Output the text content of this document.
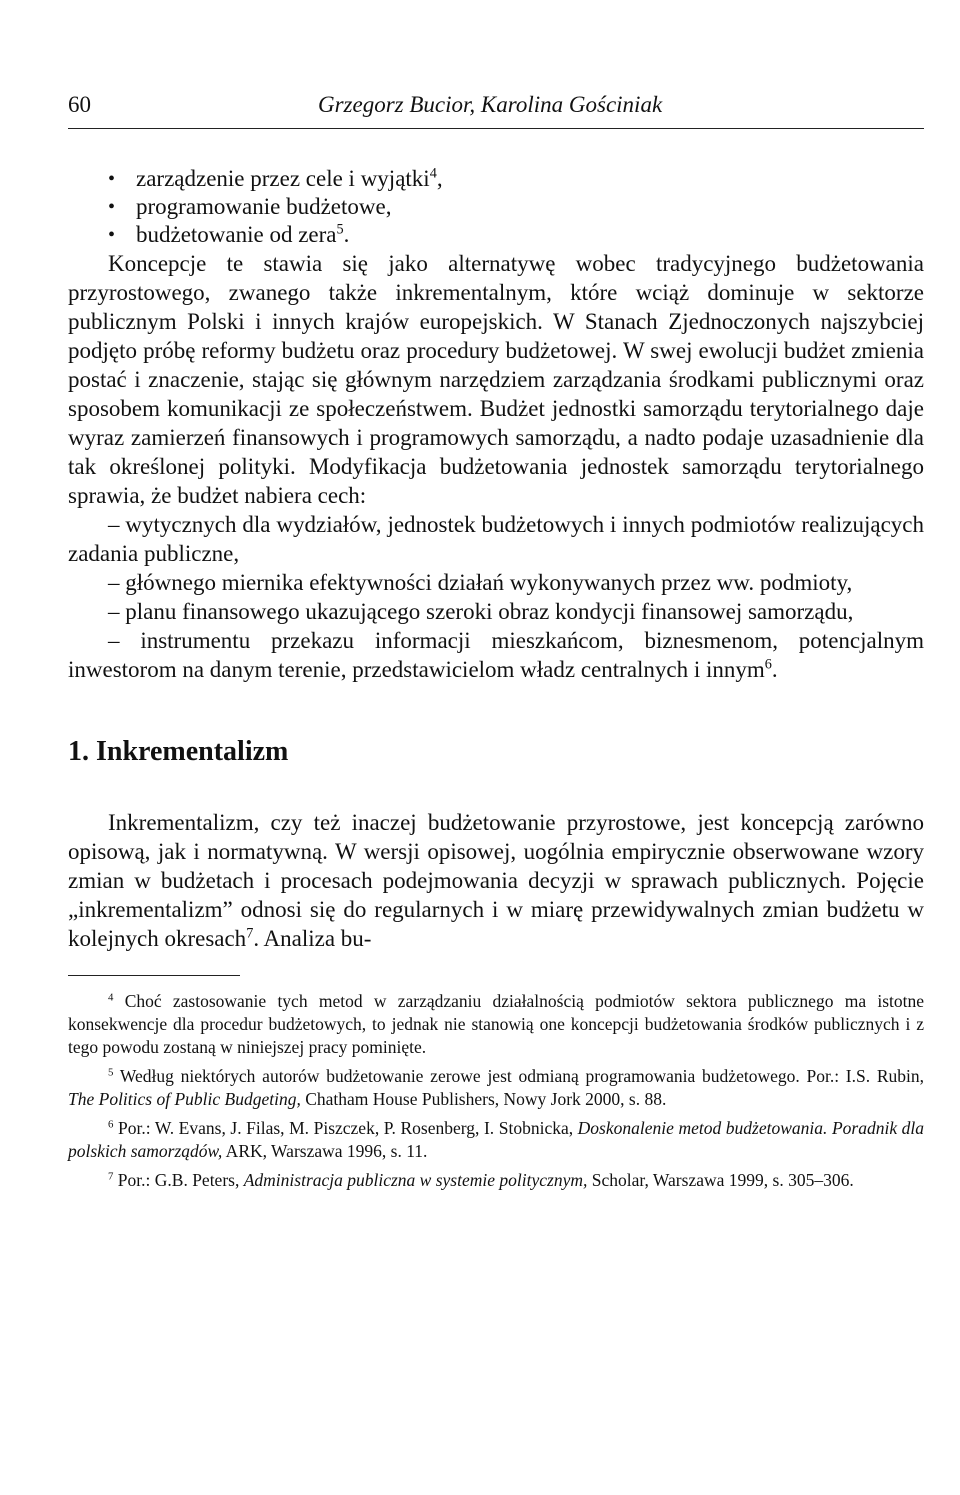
60	Grzegorz Bucior, Karolina Gościniak
• zarządzenie przez cele i wyjątki$^4$,
• programowanie budżetowe,
• budżetowanie od zera$^5$.

Koncepcje te stawia się jako alternatywę wobec tradycyjnego budżetowania przyrostowego, zwanego także inkrementalnym, które wciąż dominuje w sektorze publicznym Polski i innych krajów europejskich. W Stanach Zjednoczonych najszybciej podjęto próbę reformy budżetu oraz procedury budżetowej. W swej ewolucji budżet zmienia postać i znaczenie, stając się głównym narzędziem zarządzania środkami publicznymi oraz sposobem komunikacji ze społeczeństwem. Budżet jednostki samorządu terytorialnego daje wyraz zamierzeń finansowych i programowych samorządu, a nadto podaje uzasadnienie dla tak określonej polityki. Modyfikacja budżetowania jednostek samorządu terytorialnego sprawia, że budżet nabiera cech:

– wytycznych dla wydziałów, jednostek budżetowych i innych podmiotów realizujących zadania publiczne,

– głównego miernika efektywności działań wykonywanych przez ww. podmioty,

– planu finansowego ukazującego szeroki obraz kondycji finansowej samorządu,

– instrumentu przekazu informacji mieszkańcom, biznesmenom, potencjalnym inwestorom na danym terenie, przedstawicielom władz centralnych i innym$^6$.

1. Inkrementalizm

Inkrementalizm, czy też inaczej budżetowanie przyrostowe, jest koncepcją zarówno opisową, jak i normatywną. W wersji opisowej, uogólnia empirycznie obserwowane wzory zmian w budżetach i procesach podejmowania decyzji w sprawach publicznych. Pojęcie „inkrementalizm” odnosi się do regularnych i w miarę przewidywalnych zmian budżetu w kolejnych okresach$^7$. Analiza bu-

$^4$ Choć zastosowanie tych metod w zarządzaniu działalnością podmiotów sektora publicznego ma istotne konsekwencje dla procedur budżetowych, to jednak nie stanowią one koncepcji budżetowania środków publicznych i z tego powodu zostaną w niniejszej pracy pominięte.

$^5$ Według niektórych autorów budżetowanie zerowe jest odmianą programowania budżetowego. Por.: I.S. Rubin, The Politics of Public Budgeting, Chatham House Publishers, Nowy Jork 2000, s. 88.

$^6$ Por.: W. Evans, J. Filas, M. Piszczek, P. Rosenberg, I. Stobnicka, Doskonalenie metod budżetowania. Poradnik dla polskich samorządów, ARK, Warszawa 1996, s. 11.

$^7$ Por.: G.B. Peters, Administracja publiczna w systemie politycznym, Scholar, Warszawa 1999, s. 305–306.
